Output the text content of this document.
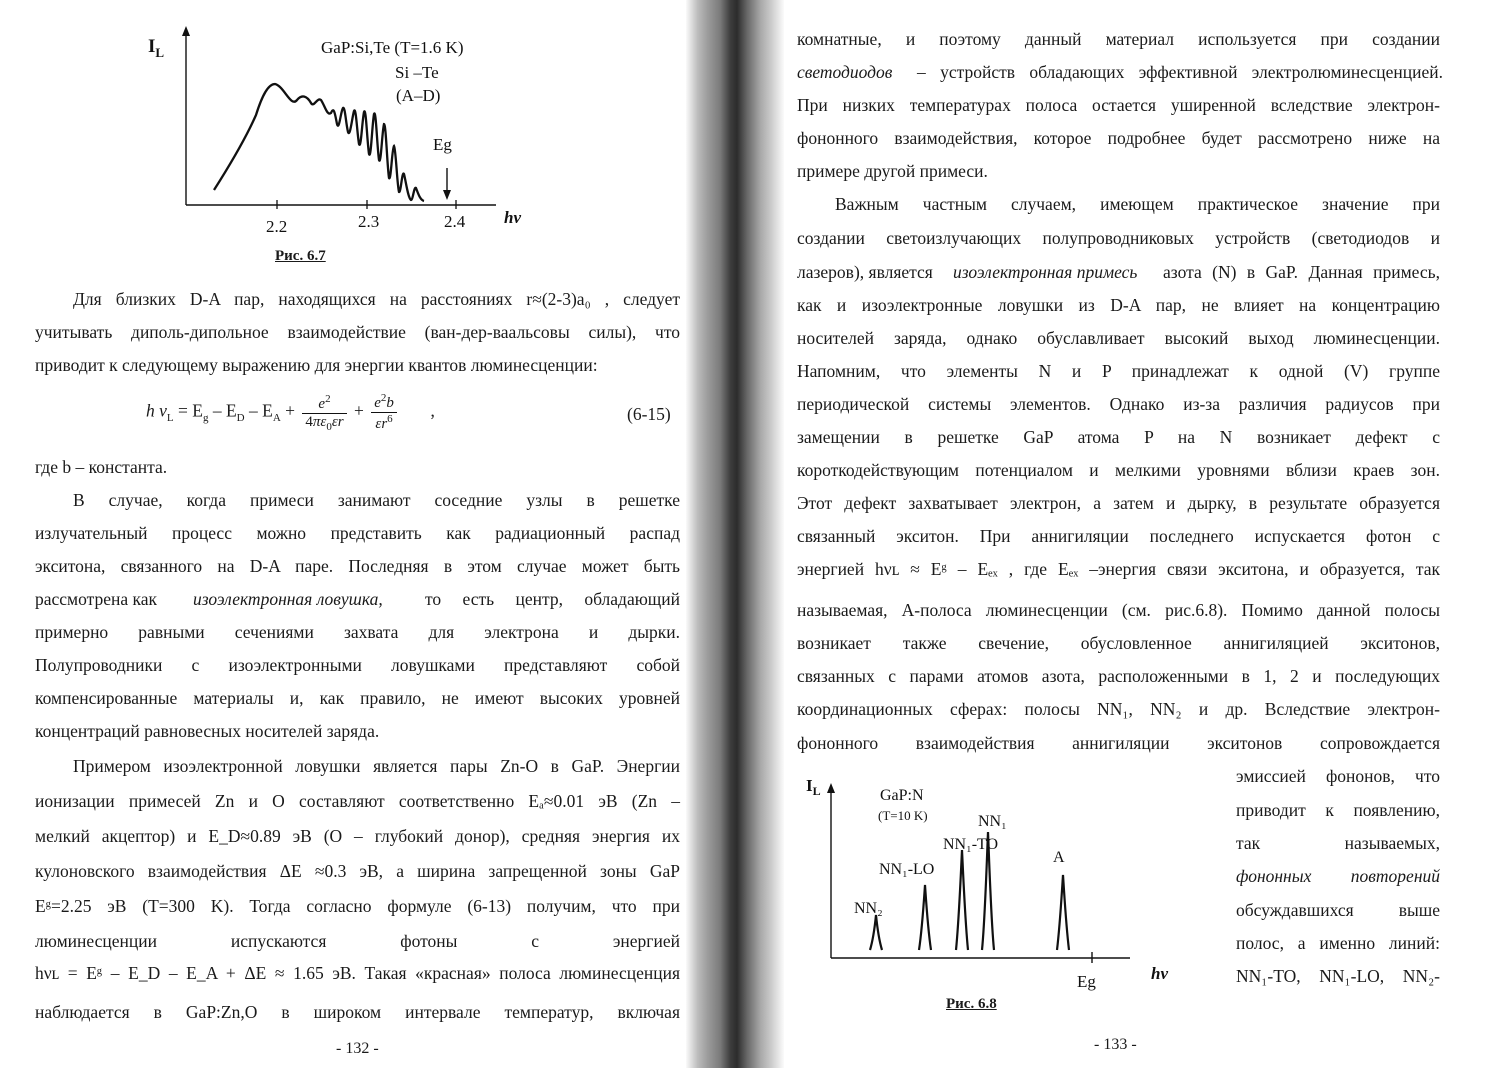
$I_L$	GaP:Si,Te (T=1.6 K)
Si –Te
(A–D)
Eg
2.2	2.3	2.4 hν
Рис. 6.7
Для близких D-A пар, находящихся на расстояниях r≈(2-3)a₀ , следует
учитывать диполь-дипольное взаимодействие (ван-дер-ваальсовы силы), что
приводит к следующему выражению для энергии квантов люминесценции:
h $\nu_L = E_g - E_D - E_A + \frac{e^2}{4\pi\varepsilon_0\varepsilon r} + \frac{e^2b}{\varepsilon r^6}$ ,	(6-15)
где b – константа.
В случае, когда примеси занимают соседние узлы в решетке
излучательный процесс можно представить как радиационный распад
экситона, связанного на D-A паре. Последняя в этом случае может быть
рассмотрена как	изоэлектронная ловушка,	то есть центр, обладающий
примерно равными сечениями захвата для электрона и дырки.
Полупроводники с изоэлектронными ловушками представляют собой
компенсированные материалы и, как правило, не имеют высоких уровней
концентраций равновесных носителей заряда.
Примером изоэлектронной ловушки является пары Zn-O в GaP. Энергии
ионизации примесей Zn и O составляют соответственно Eₐ≈0.01 эВ (Zn –
мелкий акцептор) и E_D≈0.89 эВ (O – глубокий донор), средняя энергия их
кулоновского взаимодействия ΔE ≈0.3 эВ, а ширина запрещенной зоны GaP
Eᵍ=2.25 эВ (T=300 K). Тогда согласно формуле (6-13) получим, что при
люминесценции испускаются фотоны с энергией
hνʟ = Eᵍ – E_D – E_A + ΔE ≈ 1.65 эВ. Такая «красная» полоса люминесценция
наблюдается в GaP:Zn,O в широком интервале температур, включая
- 132 -
комнатные, и поэтому данный материал используется при создании
светодиодов	– устройств обладающих эффективной электролюминесценцией.
При низких температурах полоса остается уширенной вследствие электрон-
фононного взаимодействия, которое подробнее будет рассмотрено ниже на
примере другой примеси.
Важным частным случаем, имеющем практическое значение при
создании светоизлучающих полупроводниковых устройств (светодиодов и
лазеров), является	изоэлектронная примесь	азота (N) в GaP. Данная примесь,
как и изоэлектронные ловушки из D-A пар, не влияет на концентрацию
носителей заряда, однако обуславливает высокий выход люминесценции.
Напомним, что элементы N и P принадлежат к одной (V) группе
периодической системы элементов. Однако из-за различия радиусов при
замещении в решетке GaP атома P на N возникает дефект с
короткодействующим потенциалом и мелкими уровнями вблизи краев зон.
Этот дефект захватывает электрон, а затем и дырку, в результате образуется
связанный экситон. При аннигиляции последнего испускается фотон с
энергией hνʟ ≈ Eᵍ – Eₑₓ , где Eₑₓ –энергия связи экситона, и образуется, так
называемая, А-полоса люминесценции (см. рис.6.8). Помимо данной полосы
возникает также свечение, обусловленное аннигиляцией экситонов,
связанных с парами атомов азота, расположенными в 1, 2 и последующих
координационных сферах: полосы NN₁, NN₂ и др. Вследствие электрон-
фононного взаимодействия аннигиляции экситонов сопровождается
эмиссией фононов, что
приводит к появлению,
так называемых,
фононных повторений
обсуждавшихся выше
полос, а именно линий:
NN₁-TO, NN₁-LO, NN₂-
$I_L$	GaP:N
(T=10 K)	NN₁
NN₁-TO
NN₁-LO
A
NN₂
Eg	hν
Рис. 6.8
- 133 -
